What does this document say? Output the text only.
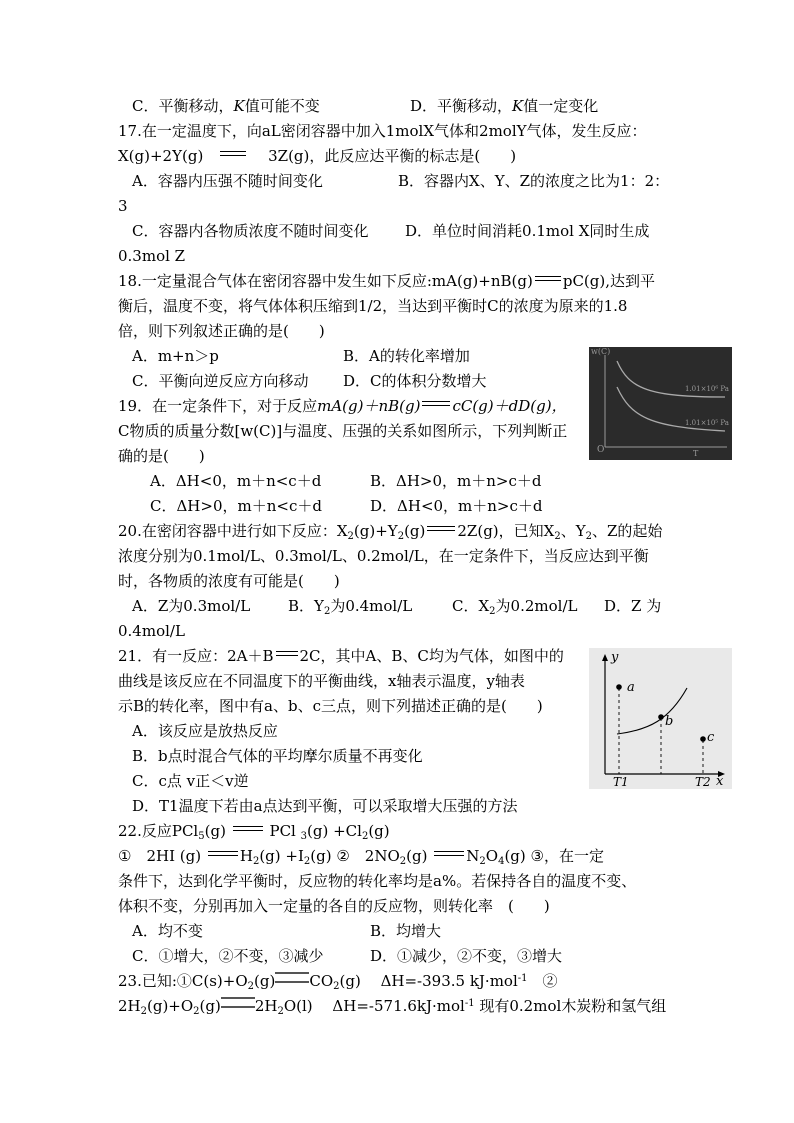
C．平衡移动，K值可能不变	D．平衡移动，K值一定变化
17.在一定温度下，向aL密闭容器中加入1molX气体和2molY气体，发生反应：
X(g)+2Y(g)　　	3Z(g)，此反应达平衡的标志是(　　)
A．容器内压强不随时间变化	B．容器内X、Y、Z的浓度之比为1：2：
3
C．容器内各物质浓度不随时间变化 D．单位时间消耗0.1mol X同时生成
0.3mol Z
18.一定量混合气体在密闭容器中发生如下反应:mA(g)+nB(g) pC(g),达到平
衡后，温度不变，将气体体积压缩到1/2，当达到平衡时C的浓度为原来的1.8
倍，则下列叙述正确的是(　　)
A．m+n＞p	B．A的转化率增加
C．平衡向逆反应方向移动 D．C的体积分数增大
w(C)
O	T
1.01×10⁶ Pa
1.01×10⁵ Pa
19．在一定条件下，对于反应mA(g)＋nB(g) cC(g)＋dD(g)，
C物质的质量分数[w(C)]与温度、压强的关系如图所示，下列判断正
确的是(　　)
A．ΔH<0，m＋n<c＋d	B．ΔH>0，m＋n>c＋d
C．ΔH>0，m＋n<c＋d	D．ΔH<0，m＋n>c＋d
20.在密闭容器中进行如下反应：$X_2(g)+Y_2(g)$ 2Z(g)，已知$X_2$、$Y_2$、Z的起始
浓度分别为0.1mol/L、0.3mol/L、0.2mol/L，在一定条件下，当反应达到平衡
时，各物质的浓度有可能是(　　)
A．Z为0.3mol/L	B．$Y_2$为0.4mol/L	C．$X_2$为0.2mol/L D．Z 为
0.4mol/L
y
x
a
b
c
T1	T2
21．有一反应：2A＋B 2C，其中A、B、C均为气体，如图中的
曲线是该反应在不同温度下的平衡曲线，x轴表示温度，y轴表
示B的转化率，图中有a、b、c三点，则下列描述正确的是(　　)
A．该反应是放热反应
B．b点时混合气体的平均摩尔质量不再变化
C．c点 v正＜v逆
D．T1温度下若由a点达到平衡，可以采取增大压强的方法
22.反应PCl$_5$(g)	PCl $_3(g) +Cl_2(g)$
①　2HI (g)	$H_2(g) +I_2(g)$ ②　$2NO_2(g)$	$N_2O_4(g)$ ③，在一定
条件下，达到化学平衡时，反应物的转化率均是a%。若保持各自的温度不变、
体积不变，分别再加入一定量的各自的反应物，则转化率　(　　)
A．均不变	B．均增大
C．①增大，②不变，③减少	D．①减少，②不变，③增大
23.已知$:①C(s)+O_2(g)$ $CO_2(g)$ 　ΔH=-393.5 kJ·mol$^{-1}$　②
$2H_2(g)+O_2(g)$ $2H_2O(l)$ 　ΔH=-571.6kJ·mol$^{-1}$ 现有0.2mol木炭粉和氢气组
